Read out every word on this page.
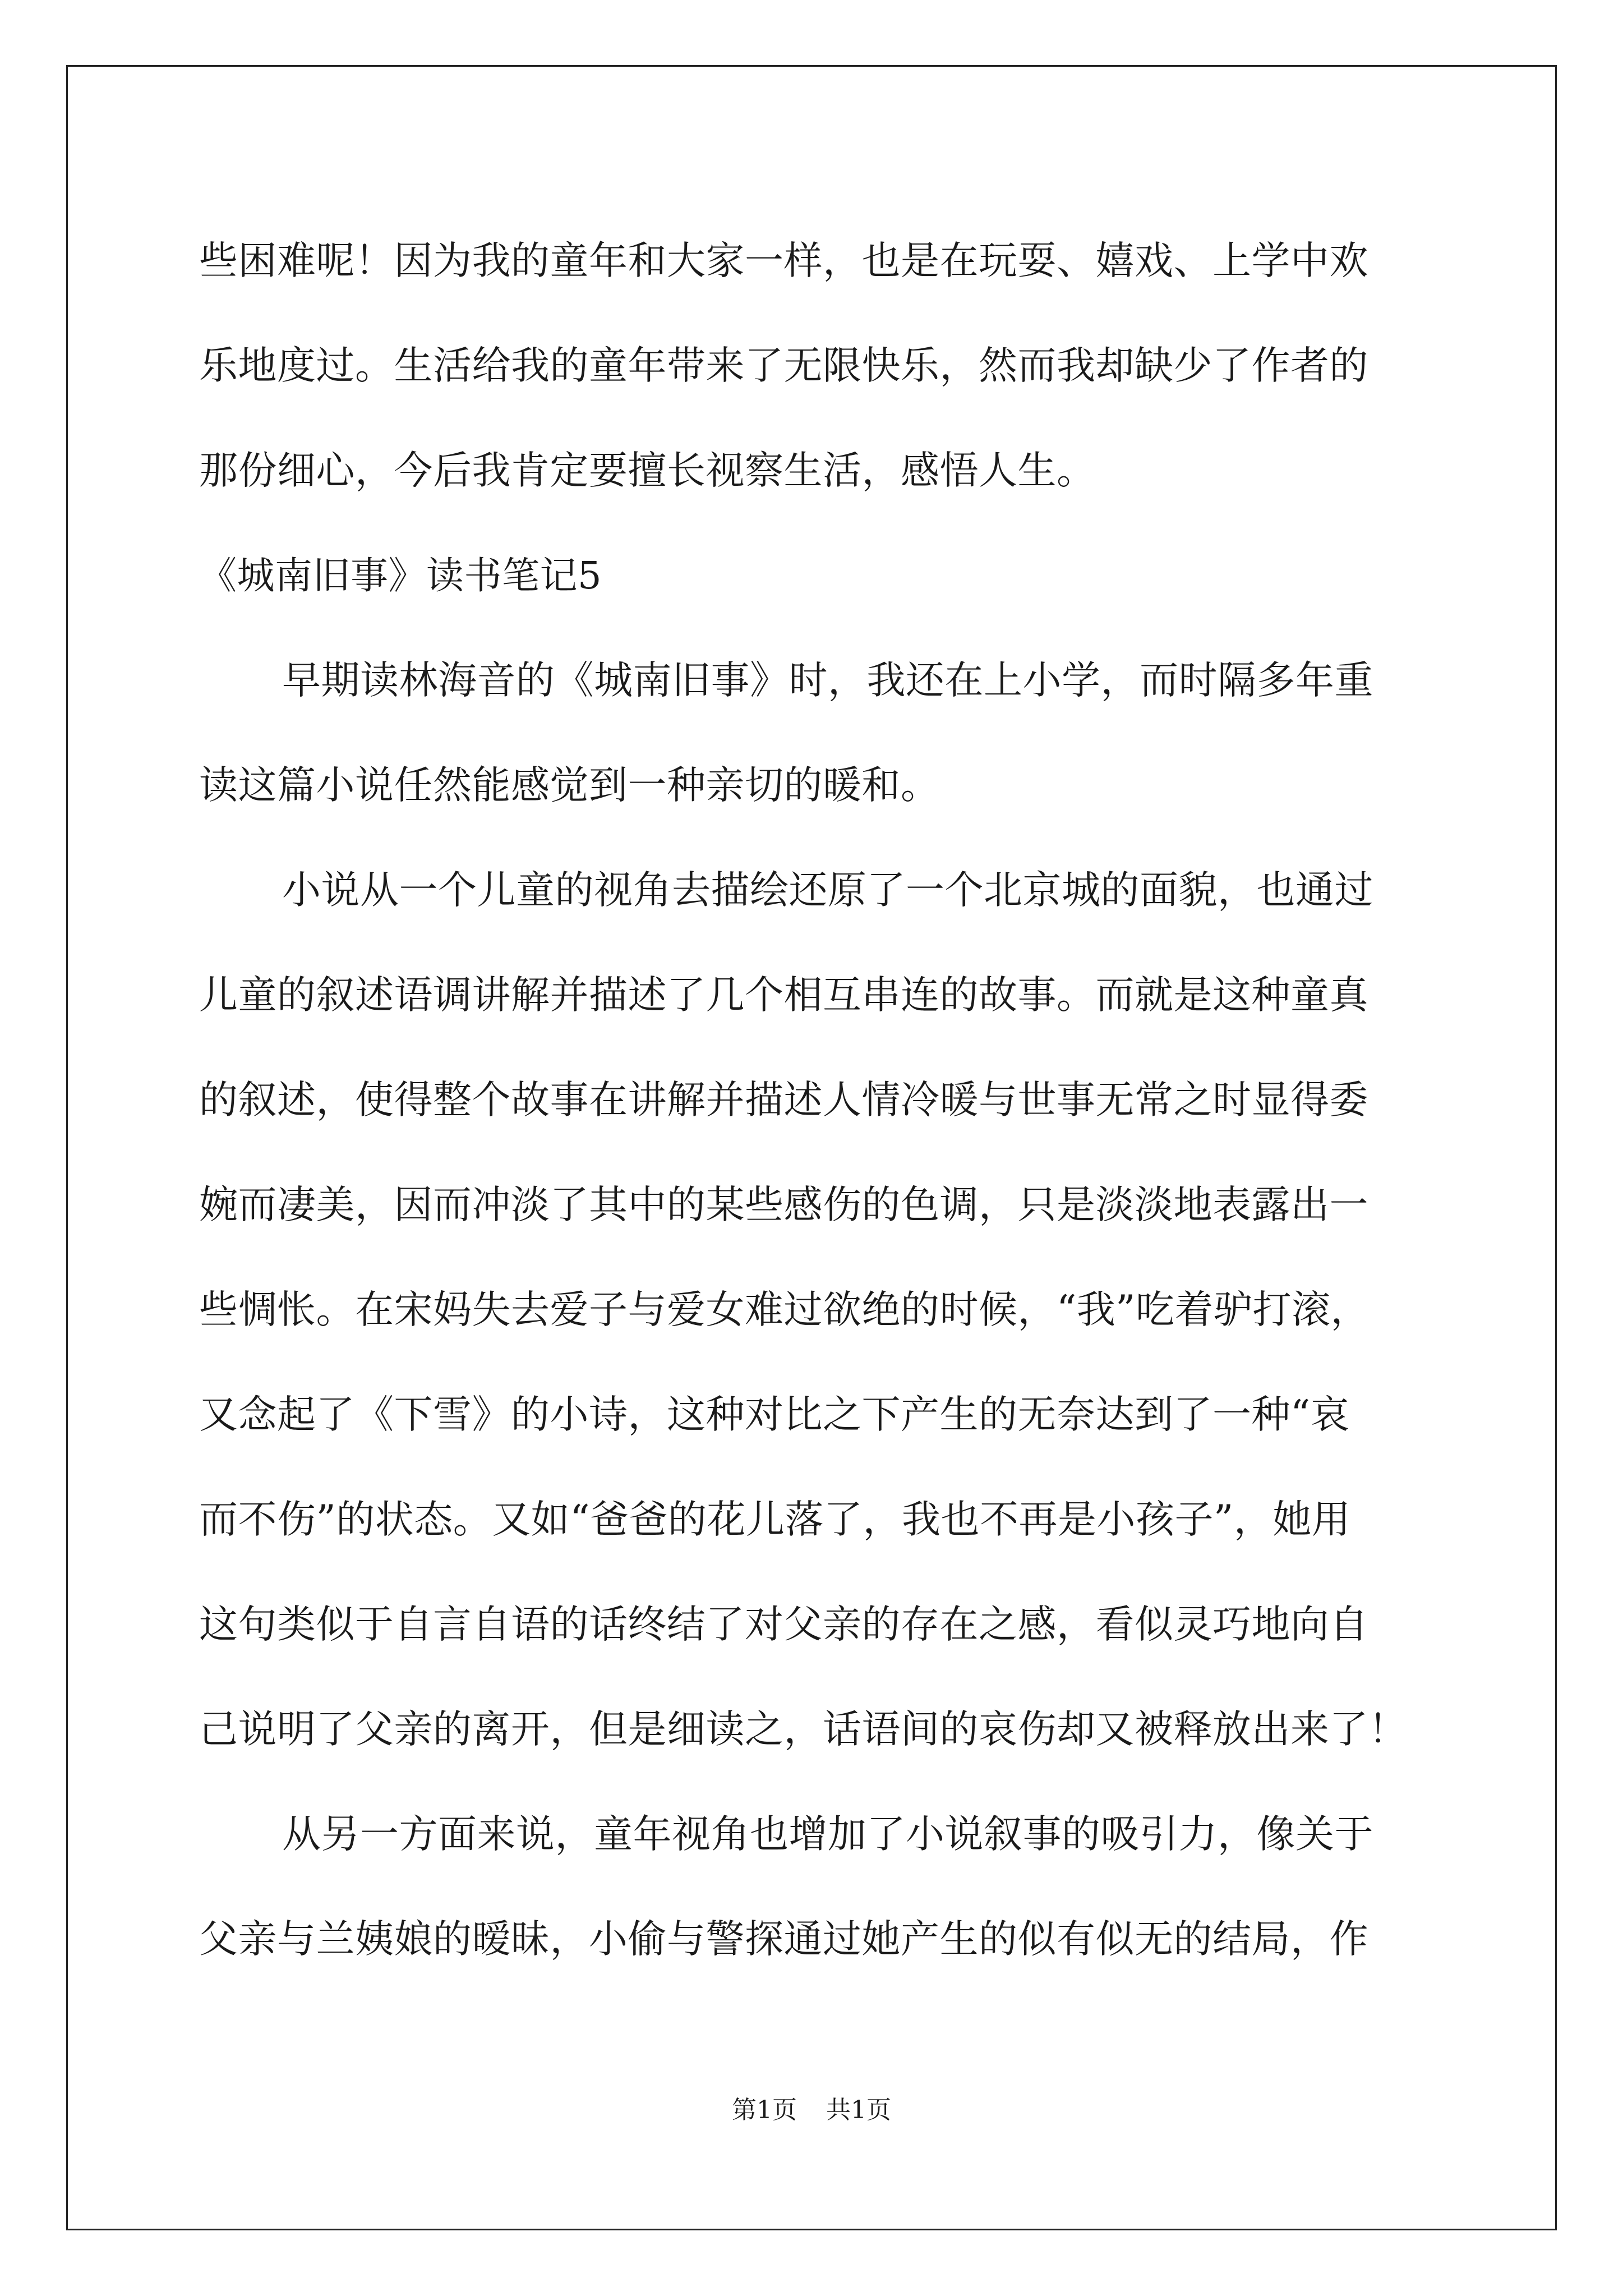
些困难呢！因为我的童年和大家一样，也是在玩耍、嬉戏、上学中欢
乐地度过。生活给我的童年带来了无限快乐，然而我却缺少了作者的
那份细心，今后我肯定要擅长视察生活，感悟人生。
《城南旧事》读书笔记5
早期读林海音的《城南旧事》时，我还在上小学，而时隔多年重
读这篇小说任然能感觉到一种亲切的暖和。
小说从一个儿童的视角去描绘还原了一个北京城的面貌，也通过
儿童的叙述语调讲解并描述了几个相互串连的故事。而就是这种童真
的叙述，使得整个故事在讲解并描述人情冷暖与世事无常之时显得委
婉而凄美，因而冲淡了其中的某些感伤的色调，只是淡淡地表露出一
些惆怅。在宋妈失去爱子与爱女难过欲绝的时候，“我”吃着驴打滚，
又念起了《下雪》的小诗，这种对比之下产生的无奈达到了一种“哀
而不伤”的状态。又如“爸爸的花儿落了，我也不再是小孩子”，她用
这句类似于自言自语的话终结了对父亲的存在之感，看似灵巧地向自
己说明了父亲的离开，但是细读之，话语间的哀伤却又被释放出来了！
从另一方面来说，童年视角也增加了小说叙事的吸引力，像关于
父亲与兰姨娘的暧昧，小偷与警探通过她产生的似有似无的结局，作
第1页 共1页
